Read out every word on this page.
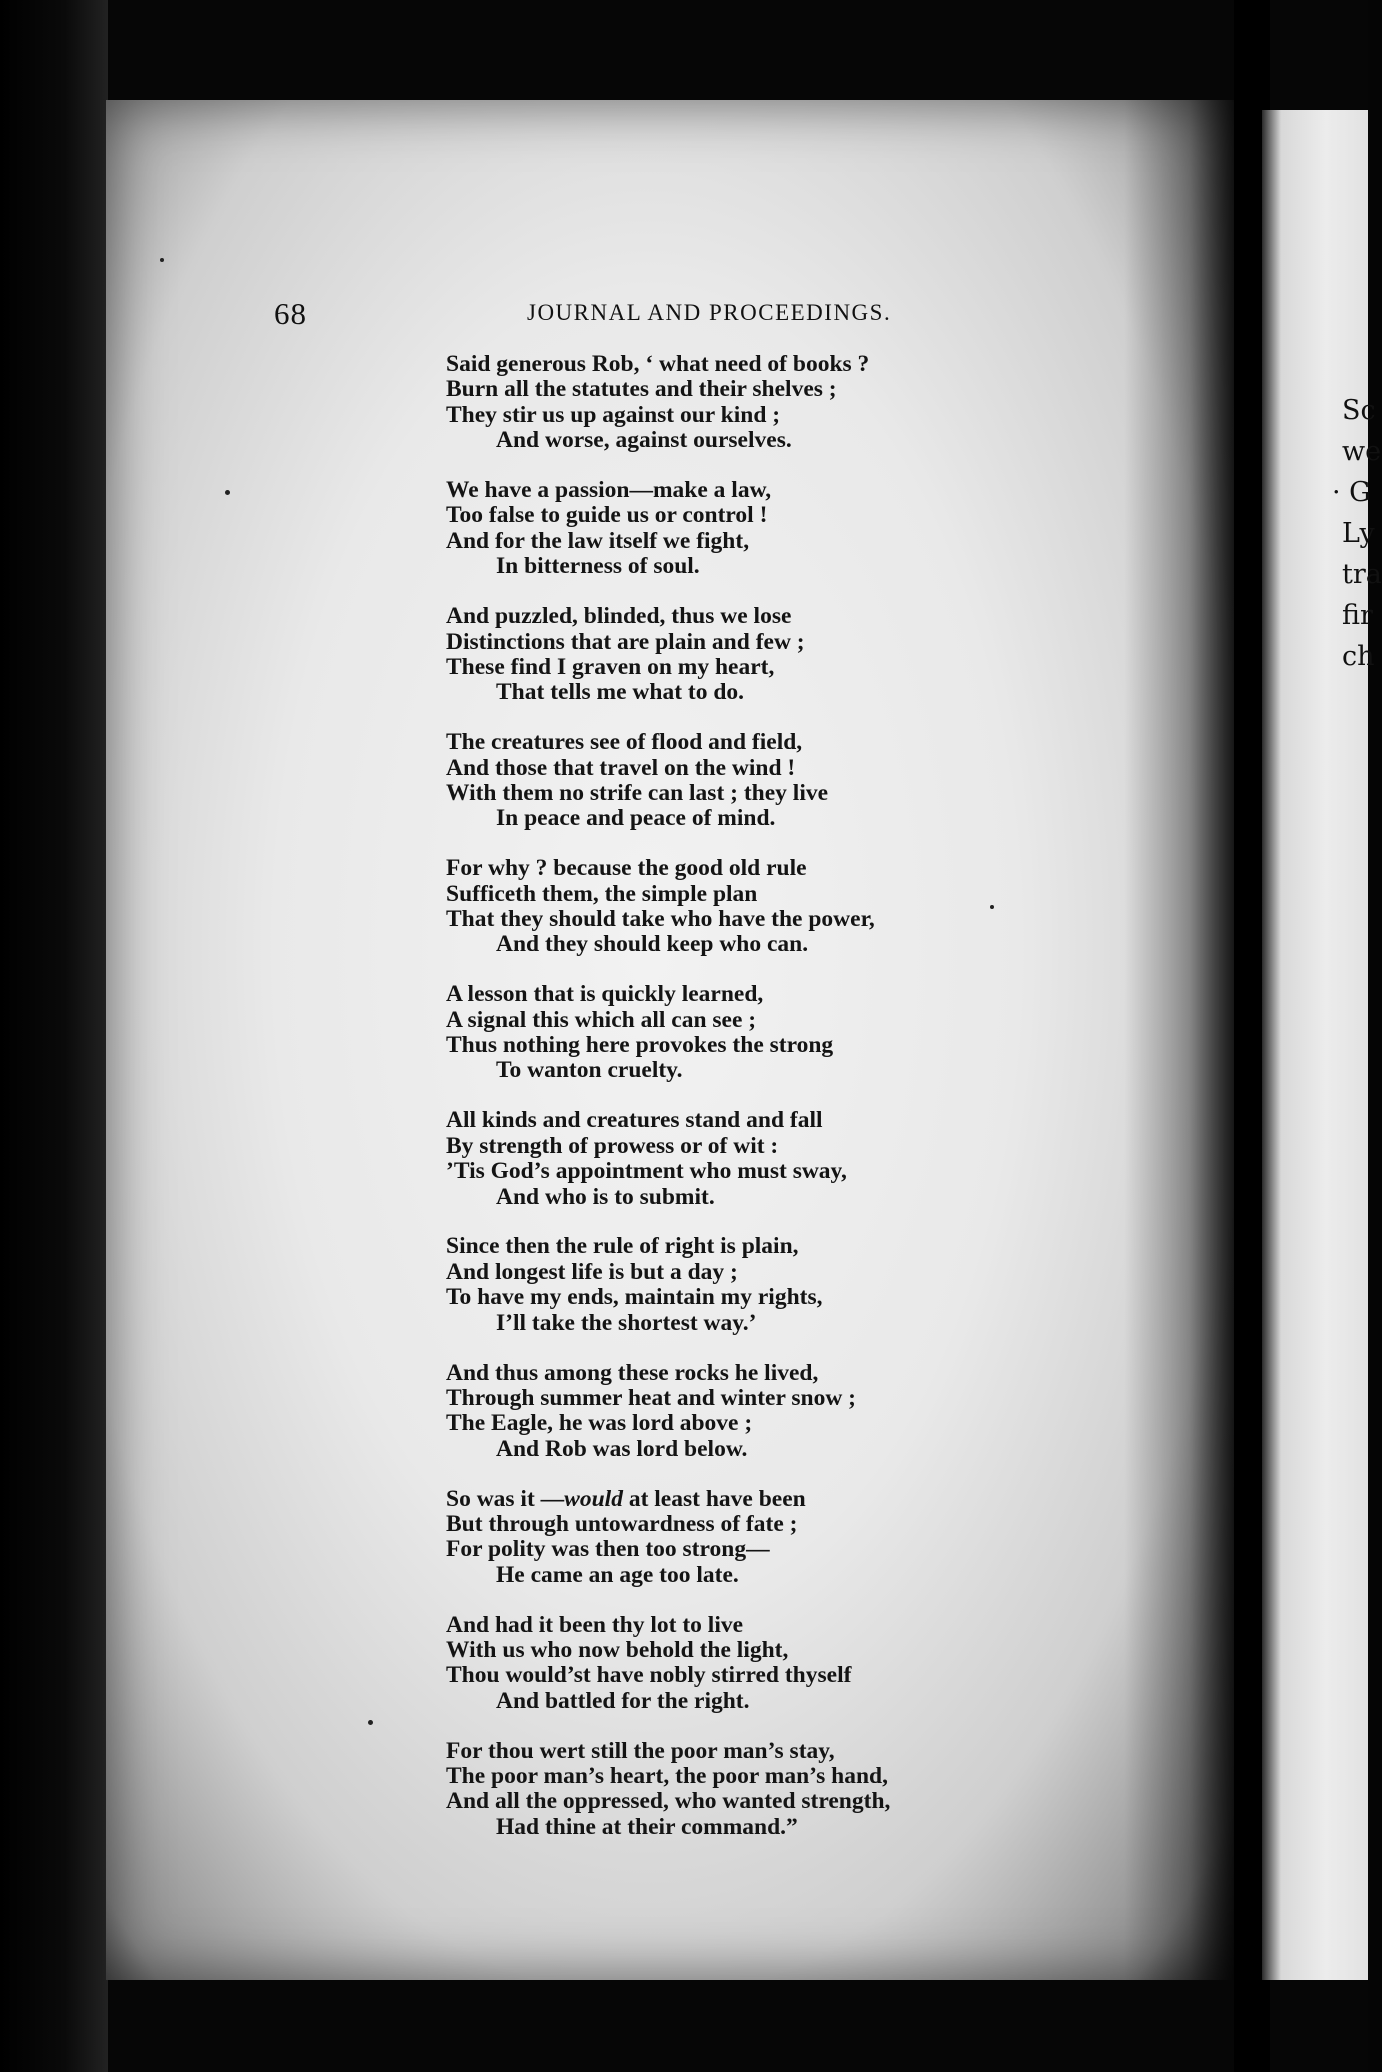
Sc
we
· G
Ly
tra
fir
ch
68	JOURNAL AND PROCEEDINGS.
Said generous Rob, ‘ what need of books ?
Burn all the statutes and their shelves ;
They stir us up against our kind ;
And worse, against ourselves.
We have a passion—make a law,
Too false to guide us or control !
And for the law itself we fight,
In bitterness of soul.
And puzzled, blinded, thus we lose
Distinctions that are plain and few ;
These find I graven on my heart,
That tells me what to do.
The creatures see of flood and field,
And those that travel on the wind !
With them no strife can last ; they live
In peace and peace of mind.
For why ? because the good old rule
Sufficeth them, the simple plan
That they should take who have the power,
And they should keep who can.
A lesson that is quickly learned,
A signal this which all can see ;
Thus nothing here provokes the strong
To wanton cruelty.
All kinds and creatures stand and fall
By strength of prowess or of wit :
’Tis God’s appointment who must sway,
And who is to submit.
Since then the rule of right is plain,
And longest life is but a day ;
To have my ends, maintain my rights,
I’ll take the shortest way.’
And thus among these rocks he lived,
Through summer heat and winter snow ;
The Eagle, he was lord above ;
And Rob was lord below.
So was it —would at least have been
But through untowardness of fate ;
For polity was then too strong—
He came an age too late.
And had it been thy lot to live
With us who now behold the light,
Thou would’st have nobly stirred thyself
And battled for the right.
For thou wert still the poor man’s stay,
The poor man’s heart, the poor man’s hand,
And all the oppressed, who wanted strength,
Had thine at their command.”
